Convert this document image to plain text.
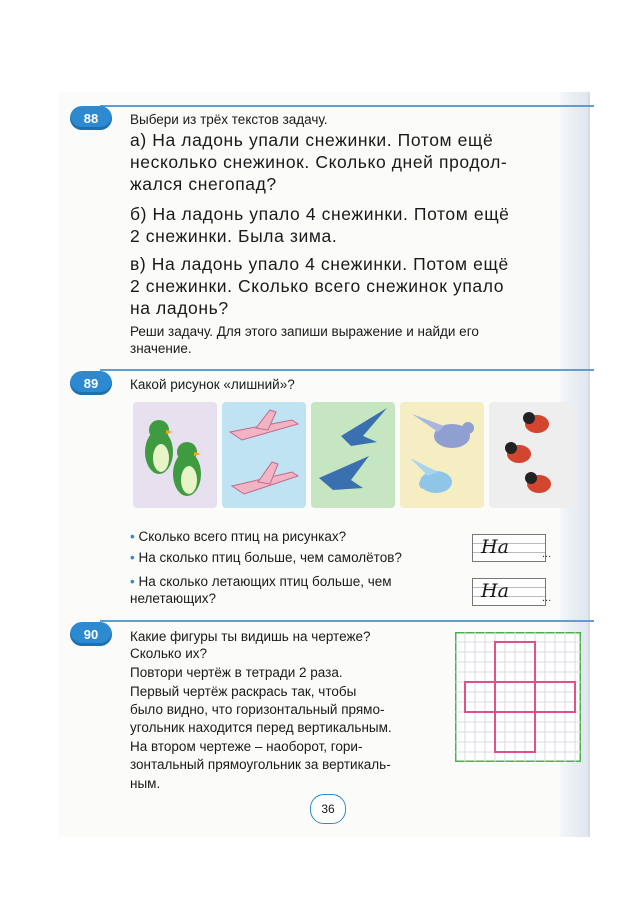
88	Выбери из трёх текстов задачу.

а) На ладонь упали снежинки. Потом ещё

несколько снежинок. Сколько дней продол-

жался снегопад?

б) На ладонь упало 4 снежинки. Потом ещё

2 снежинки. Была зима.

в) На ладонь упало 4 снежинки. Потом ещё

2 снежинки. Сколько всего снежинок упало

на ладонь?

Реши задачу. Для этого запиши выражение и найди его

значение.

89	Какой рисунок «лишний»?

• Сколько всего птиц на рисунках?

• На сколько птиц больше, чем самолётов?

• На сколько летающих птиц больше, чем

нелетающих?

На	...
На	...
90	Какие фигуры ты видишь на чертеже?

Сколько их?

Повтори чертёж в тетради 2 раза.

Первый чертёж раскрась так, чтобы

было видно, что горизонтальный прямо-

угольник находится перед вертикальным.

На втором чертеже – наоборот, гори-

зонтальный прямоугольник за вертикаль-

ным.

36
